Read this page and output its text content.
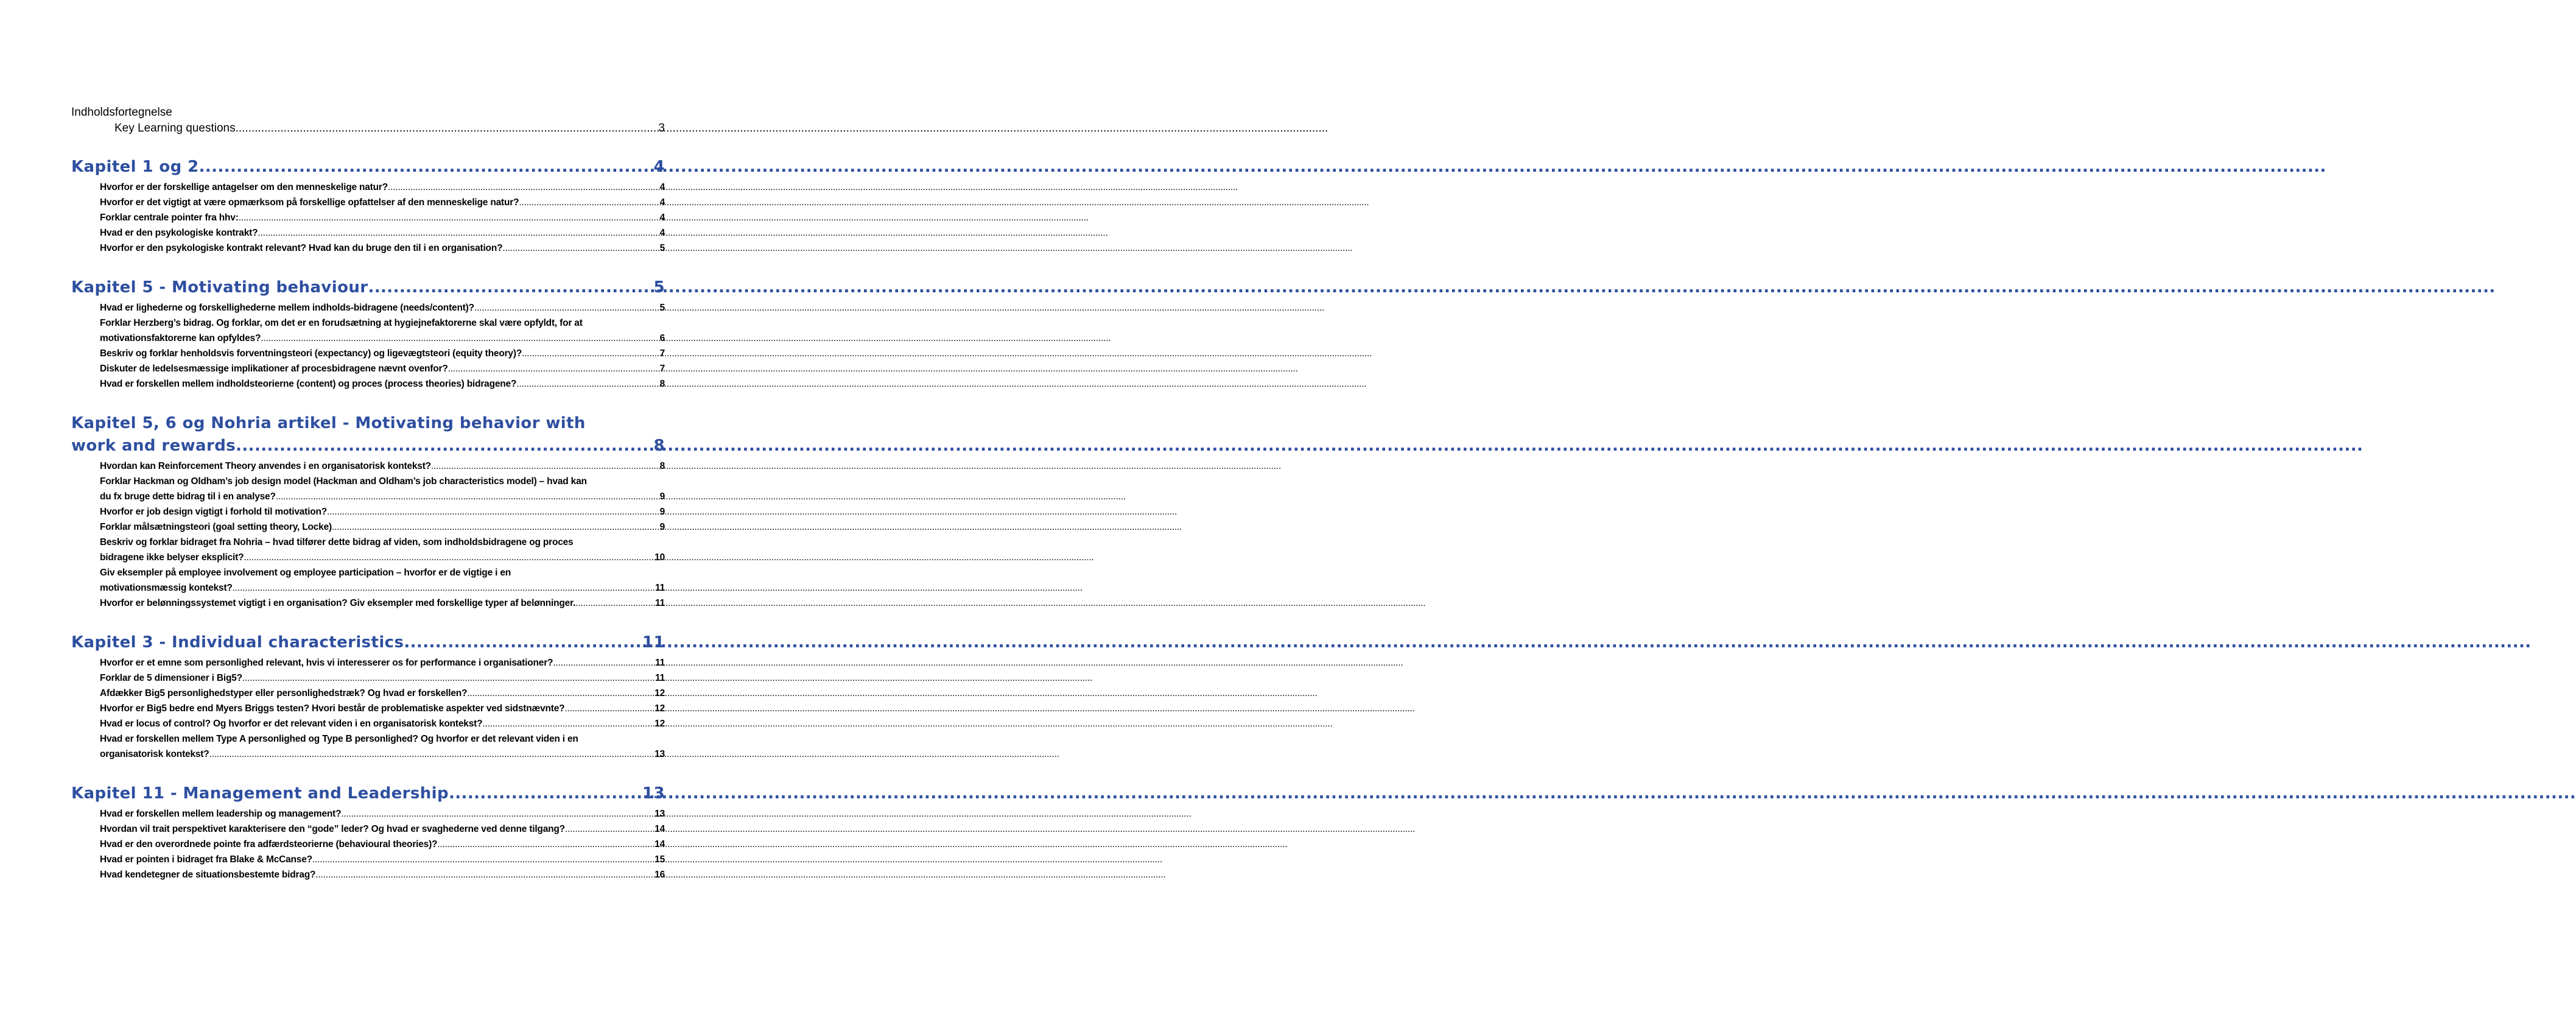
Indholdsfortegnelse
Key Learning questions .....	3
Kapitel 1 og 2 .....	4
Hvorfor er der forskellige antagelser om den menneskelige natur? .....	4
Hvorfor er det vigtigt at være opmærksom på forskellige opfattelser af den menneskelige natur? .....	4
Forklar centrale pointer fra hhv: .....	4
Hvad er den psykologiske kontrakt? .....	4
Hvorfor er den psykologiske kontrakt relevant? Hvad kan du bruge den til i en organisation? .....	5
Kapitel 5 - Motivating behaviour .....	5
Hvad er lighederne og forskellighederne mellem indholds-bidragene (needs/content)? .....	5
Forklar Herzberg’s bidrag. Og forklar, om det er en forudsætning at hygiejnefaktorerne skal være opfyldt, for at
motivationsfaktorerne kan opfyldes? .....	6
Beskriv og forklar henholdsvis forventningsteori (expectancy) og ligevægtsteori (equity theory)? .....	7
Diskuter de ledelsesmæssige implikationer af procesbidragene nævnt ovenfor? .....	7
Hvad er forskellen mellem indholdsteorierne (content) og proces (process theories) bidragene? .....	8
Kapitel 5, 6 og Nohria artikel - Motivating behavior with
work and rewards .....	8
Hvordan kan Reinforcement Theory anvendes i en organisatorisk kontekst? .....	8
Forklar Hackman og Oldham’s job design model (Hackman and Oldham’s job characteristics model) – hvad kan
du fx bruge dette bidrag til i en analyse? .....	9
Hvorfor er job design vigtigt i forhold til motivation? .....	9
Forklar målsætningsteori (goal setting theory, Locke) .....	9
Beskriv og forklar bidraget fra Nohria – hvad tilfører dette bidrag af viden, som indholdsbidragene og proces
bidragene ikke belyser eksplicit? .....	10
Giv eksempler på employee involvement og employee participation – hvorfor er de vigtige i en
motivationsmæssig kontekst? .....	11
Hvorfor er belønningssystemet vigtigt i en organisation? Giv eksempler med forskellige typer af belønninger. .....	11
Kapitel 3 - Individual characteristics .....	11
Hvorfor er et emne som personlighed relevant, hvis vi interesserer os for performance i organisationer? .....	11
Forklar de 5 dimensioner i Big5? .....	11
Afdækker Big5 personlighedstyper eller personlighedstræk? Og hvad er forskellen? .....	12
Hvorfor er Big5 bedre end Myers Briggs testen? Hvori består de problematiske aspekter ved sidstnævnte? .....	12
Hvad er locus of control? Og hvorfor er det relevant viden i en organisatorisk kontekst? .....	12
Hvad er forskellen mellem Type A personlighed og Type B personlighed? Og hvorfor er det relevant viden i en
organisatorisk kontekst? .....	13
Kapitel 11 - Management and Leadership .....	13
Hvad er forskellen mellem leadership og management? .....	13
Hvordan vil trait perspektivet karakterisere den “gode” leder? Og hvad er svaghederne ved denne tilgang? .....	14
Hvad er den overordnede pointe fra adfærdsteorierne (behavioural theories)? .....	14
Hvad er pointen i bidraget fra Blake & McCanse? .....	15
Hvad kendetegner de situationsbestemte bidrag? .....	16
